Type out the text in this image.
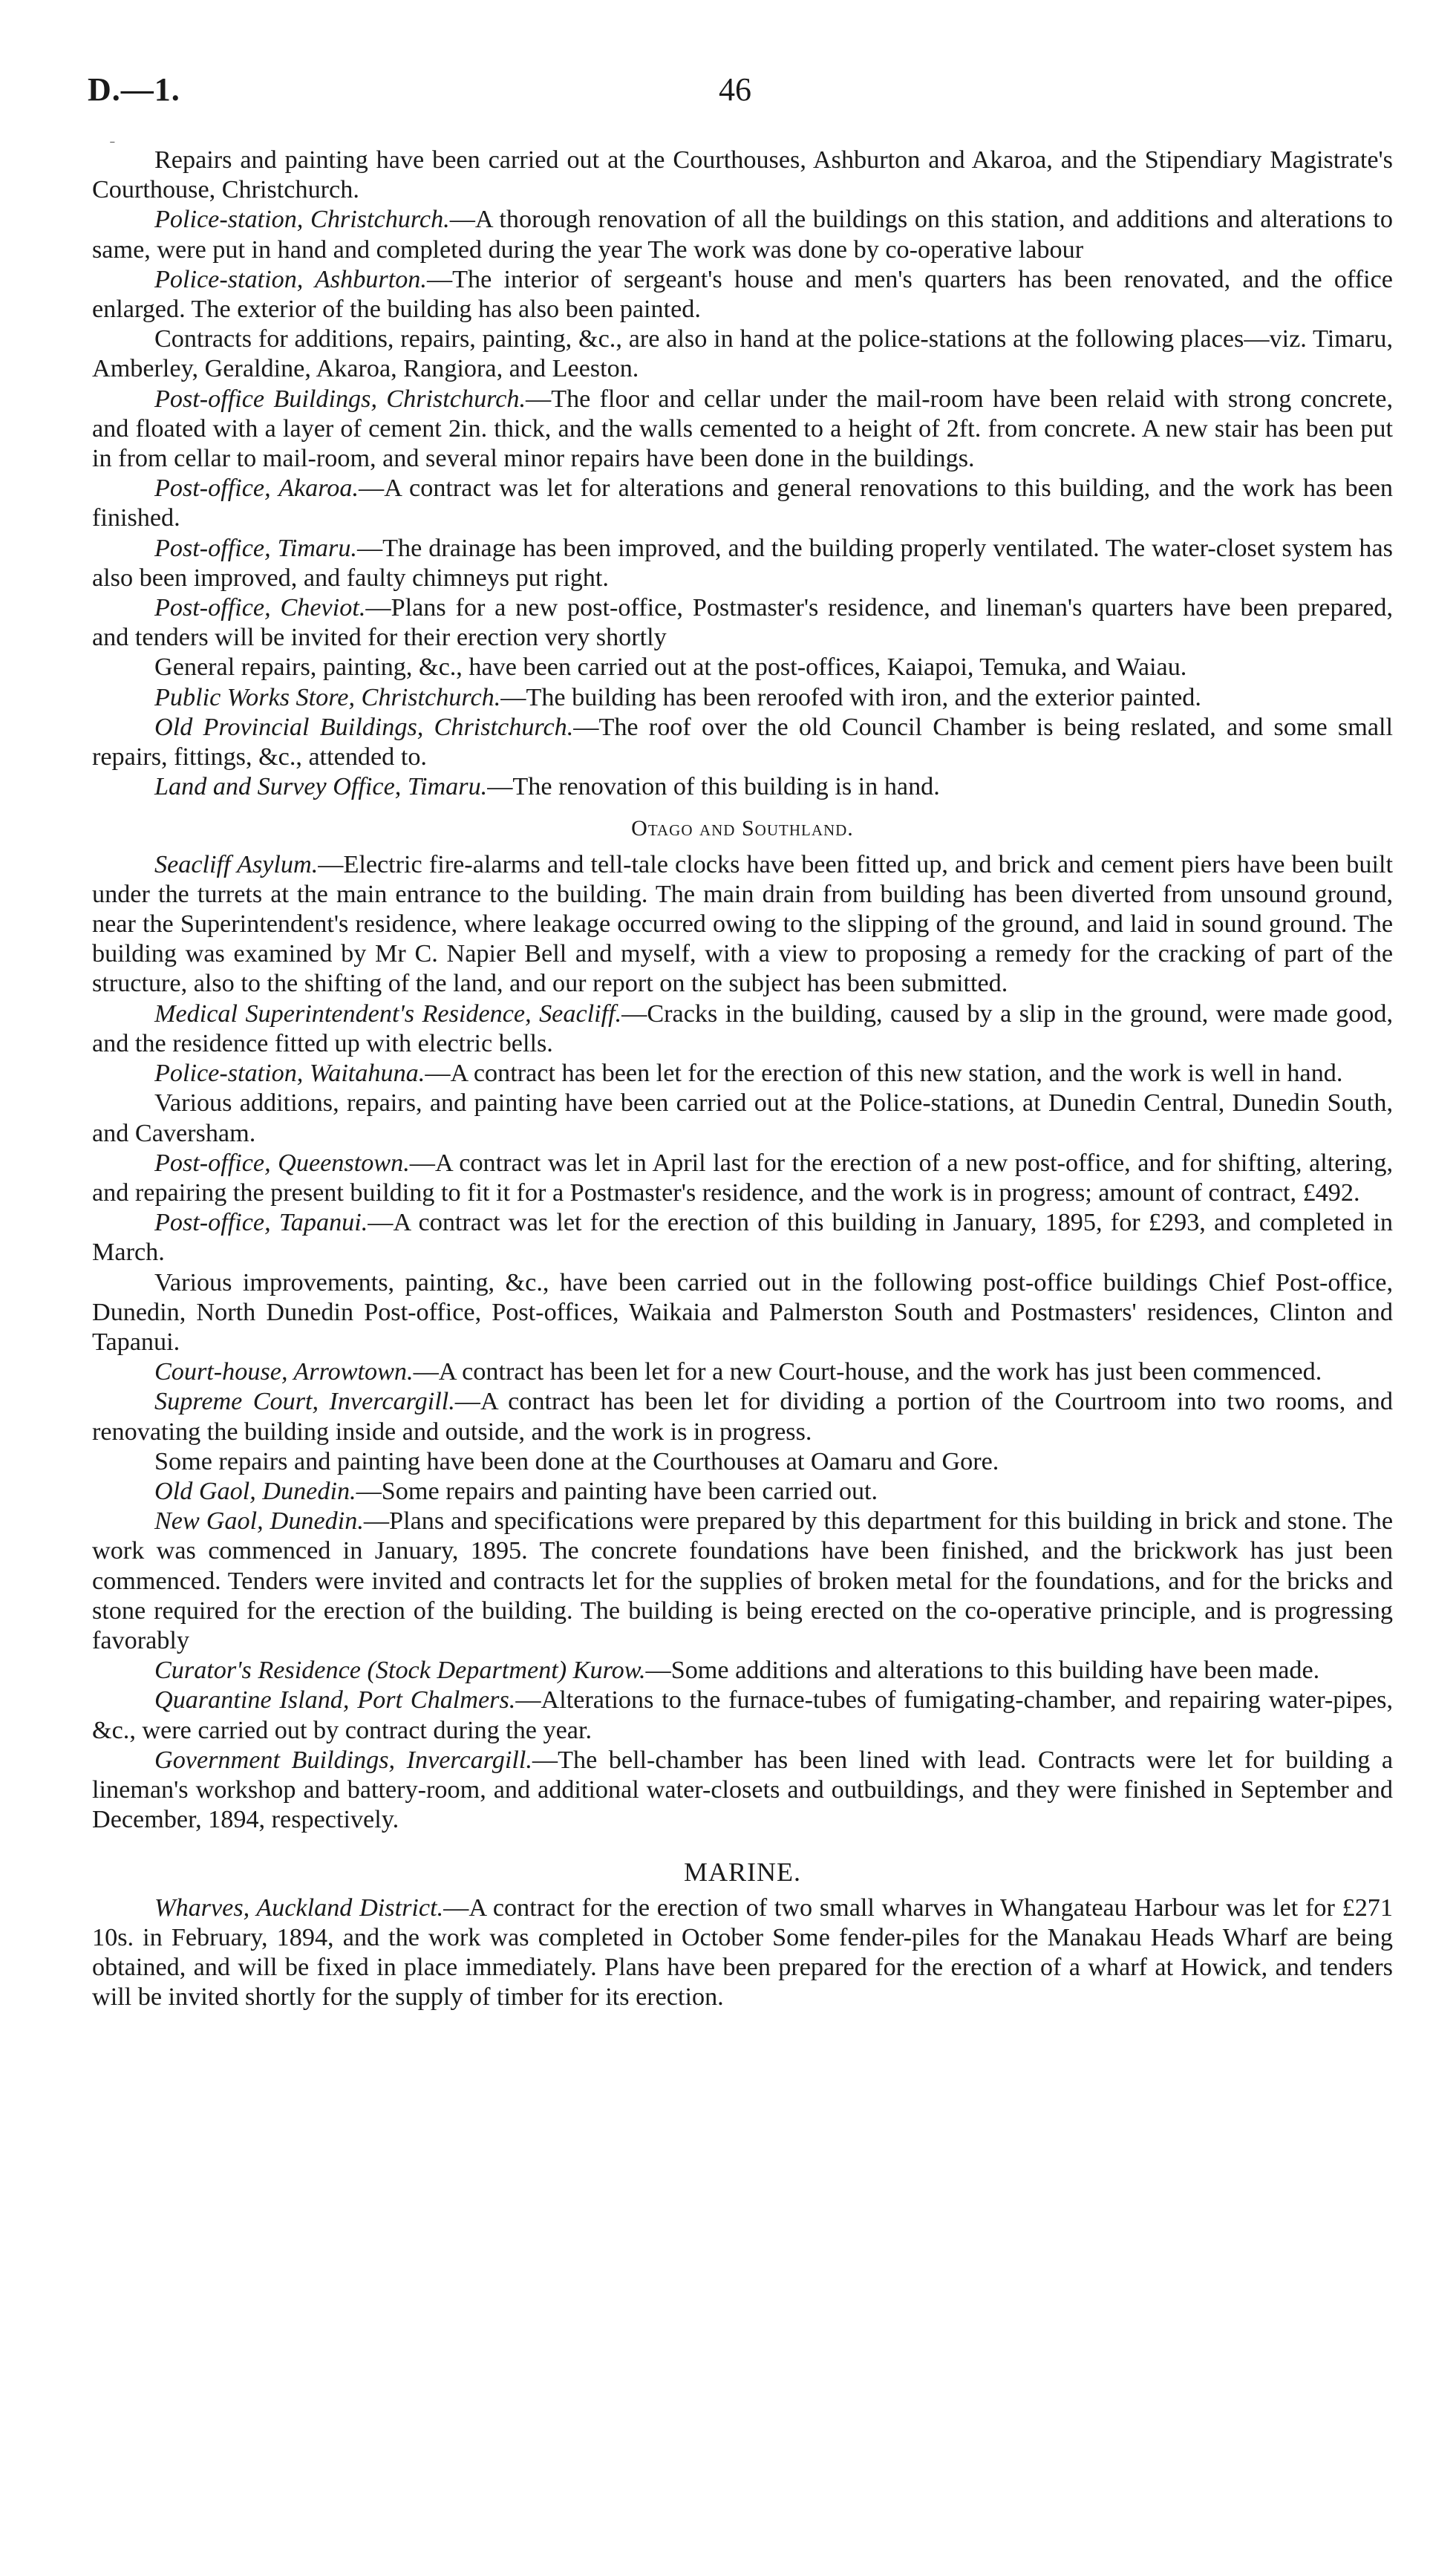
D.—1.	46
ˉ	Repairs and painting have been carried out at the Courthouses, Ashburton and Akaroa, and the Stipendiary Magistrate's Courthouse, Christchurch.

Police-station, Christchurch.—A thorough renovation of all the buildings on this station, and additions and alterations to same, were put in hand and completed during the year The work was done by co-operative labour

Police-station, Ashburton.—The interior of sergeant's house and men's quarters has been renovated, and the office enlarged. The exterior of the building has also been painted.

Contracts for additions, repairs, painting, &c., are also in hand at the police-stations at the following places—viz. Timaru, Amberley, Geraldine, Akaroa, Rangiora, and Leeston.

Post-office Buildings, Christchurch.—The floor and cellar under the mail-room have been relaid with strong concrete, and floated with a layer of cement 2in. thick, and the walls cemented to a height of 2ft. from concrete. A new stair has been put in from cellar to mail-room, and several minor repairs have been done in the buildings.

Post-office, Akaroa.—A contract was let for alterations and general renovations to this building, and the work has been finished.

Post-office, Timaru.—The drainage has been improved, and the building properly ventilated. The water-closet system has also been improved, and faulty chimneys put right.

Post-office, Cheviot.—Plans for a new post-office, Postmaster's residence, and lineman's quarters have been prepared, and tenders will be invited for their erection very shortly

General repairs, painting, &c., have been carried out at the post-offices, Kaiapoi, Temuka, and Waiau.

Public Works Store, Christchurch.—The building has been reroofed with iron, and the exterior painted.

Old Provincial Buildings, Christchurch.—The roof over the old Council Chamber is being reslated, and some small repairs, fittings, &c., attended to.

Land and Survey Office, Timaru.—The renovation of this building is in hand.

Otago and Southland.

Seacliff Asylum.—Electric fire-alarms and tell-tale clocks have been fitted up, and brick and cement piers have been built under the turrets at the main entrance to the building. The main drain from building has been diverted from unsound ground, near the Superintendent's residence, where leakage occurred owing to the slipping of the ground, and laid in sound ground. The building was examined by Mr C. Napier Bell and myself, with a view to proposing a remedy for the cracking of part of the structure, also to the shifting of the land, and our report on the subject has been submitted.

Medical Superintendent's Residence, Seacliff.—Cracks in the building, caused by a slip in the ground, were made good, and the residence fitted up with electric bells.

Police-station, Waitahuna.—A contract has been let for the erection of this new station, and the work is well in hand.

Various additions, repairs, and painting have been carried out at the Police-stations, at Dunedin Central, Dunedin South, and Caversham.

Post-office, Queenstown.—A contract was let in April last for the erection of a new post-office, and for shifting, altering, and repairing the present building to fit it for a Postmaster's residence, and the work is in progress; amount of contract, £492.

Post-office, Tapanui.—A contract was let for the erection of this building in January, 1895, for £293, and completed in March.

Various improvements, painting, &c., have been carried out in the following post-office buildings Chief Post-office, Dunedin, North Dunedin Post-office, Post-offices, Waikaia and Palmerston South and Postmasters' residences, Clinton and Tapanui.

Court-house, Arrowtown.—A contract has been let for a new Court-house, and the work has just been commenced.

Supreme Court, Invercargill.—A contract has been let for dividing a portion of the Courtroom into two rooms, and renovating the building inside and outside, and the work is in progress.

Some repairs and painting have been done at the Courthouses at Oamaru and Gore.

Old Gaol, Dunedin.—Some repairs and painting have been carried out.

New Gaol, Dunedin.—Plans and specifications were prepared by this department for this building in brick and stone. The work was commenced in January, 1895. The concrete foundations have been finished, and the brickwork has just been commenced. Tenders were invited and contracts let for the supplies of broken metal for the foundations, and for the bricks and stone required for the erection of the building. The building is being erected on the co-operative principle, and is progressing favorably

Curator's Residence (Stock Department) Kurow.—Some additions and alterations to this building have been made.

Quarantine Island, Port Chalmers.—Alterations to the furnace-tubes of fumigating-chamber, and repairing water-pipes, &c., were carried out by contract during the year.

Government Buildings, Invercargill.—The bell-chamber has been lined with lead. Contracts were let for building a lineman's workshop and battery-room, and additional water-closets and outbuildings, and they were finished in September and December, 1894, respectively.

MARINE.

Wharves, Auckland District.—A contract for the erection of two small wharves in Whangateau Harbour was let for £271 10s. in February, 1894, and the work was completed in October Some fender-piles for the Manakau Heads Wharf are being obtained, and will be fixed in place immediately. Plans have been prepared for the erection of a wharf at Howick, and tenders will be invited shortly for the supply of timber for its erection.
